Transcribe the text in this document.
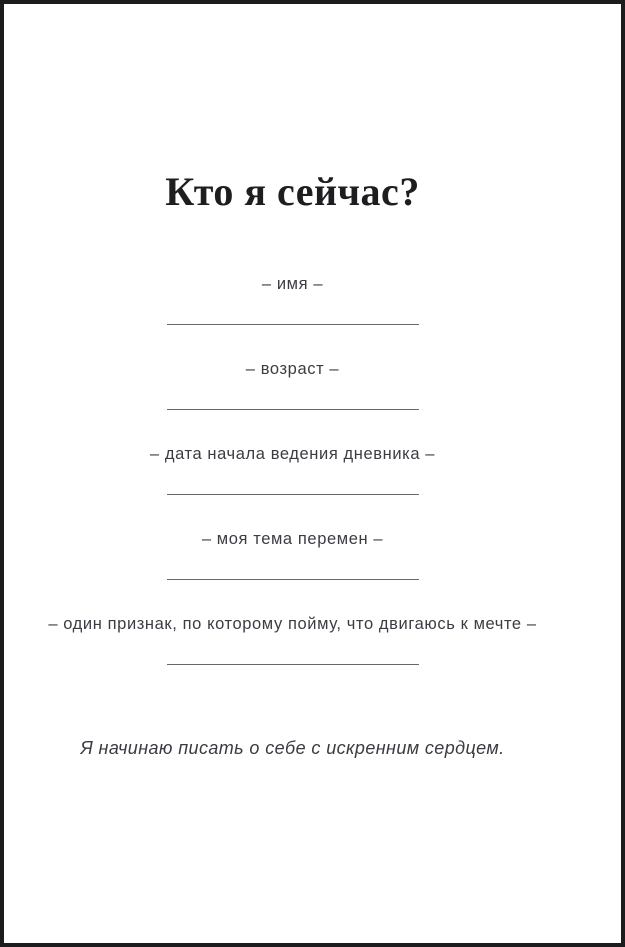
Кто я сейчас?
– имя –
– возраст –
– дата начала ведения дневника –
– моя тема перемен –
– один признак, по которому пойму, что двигаюсь к мечте –

Я начинаю писать о себе с искренним сердцем.
